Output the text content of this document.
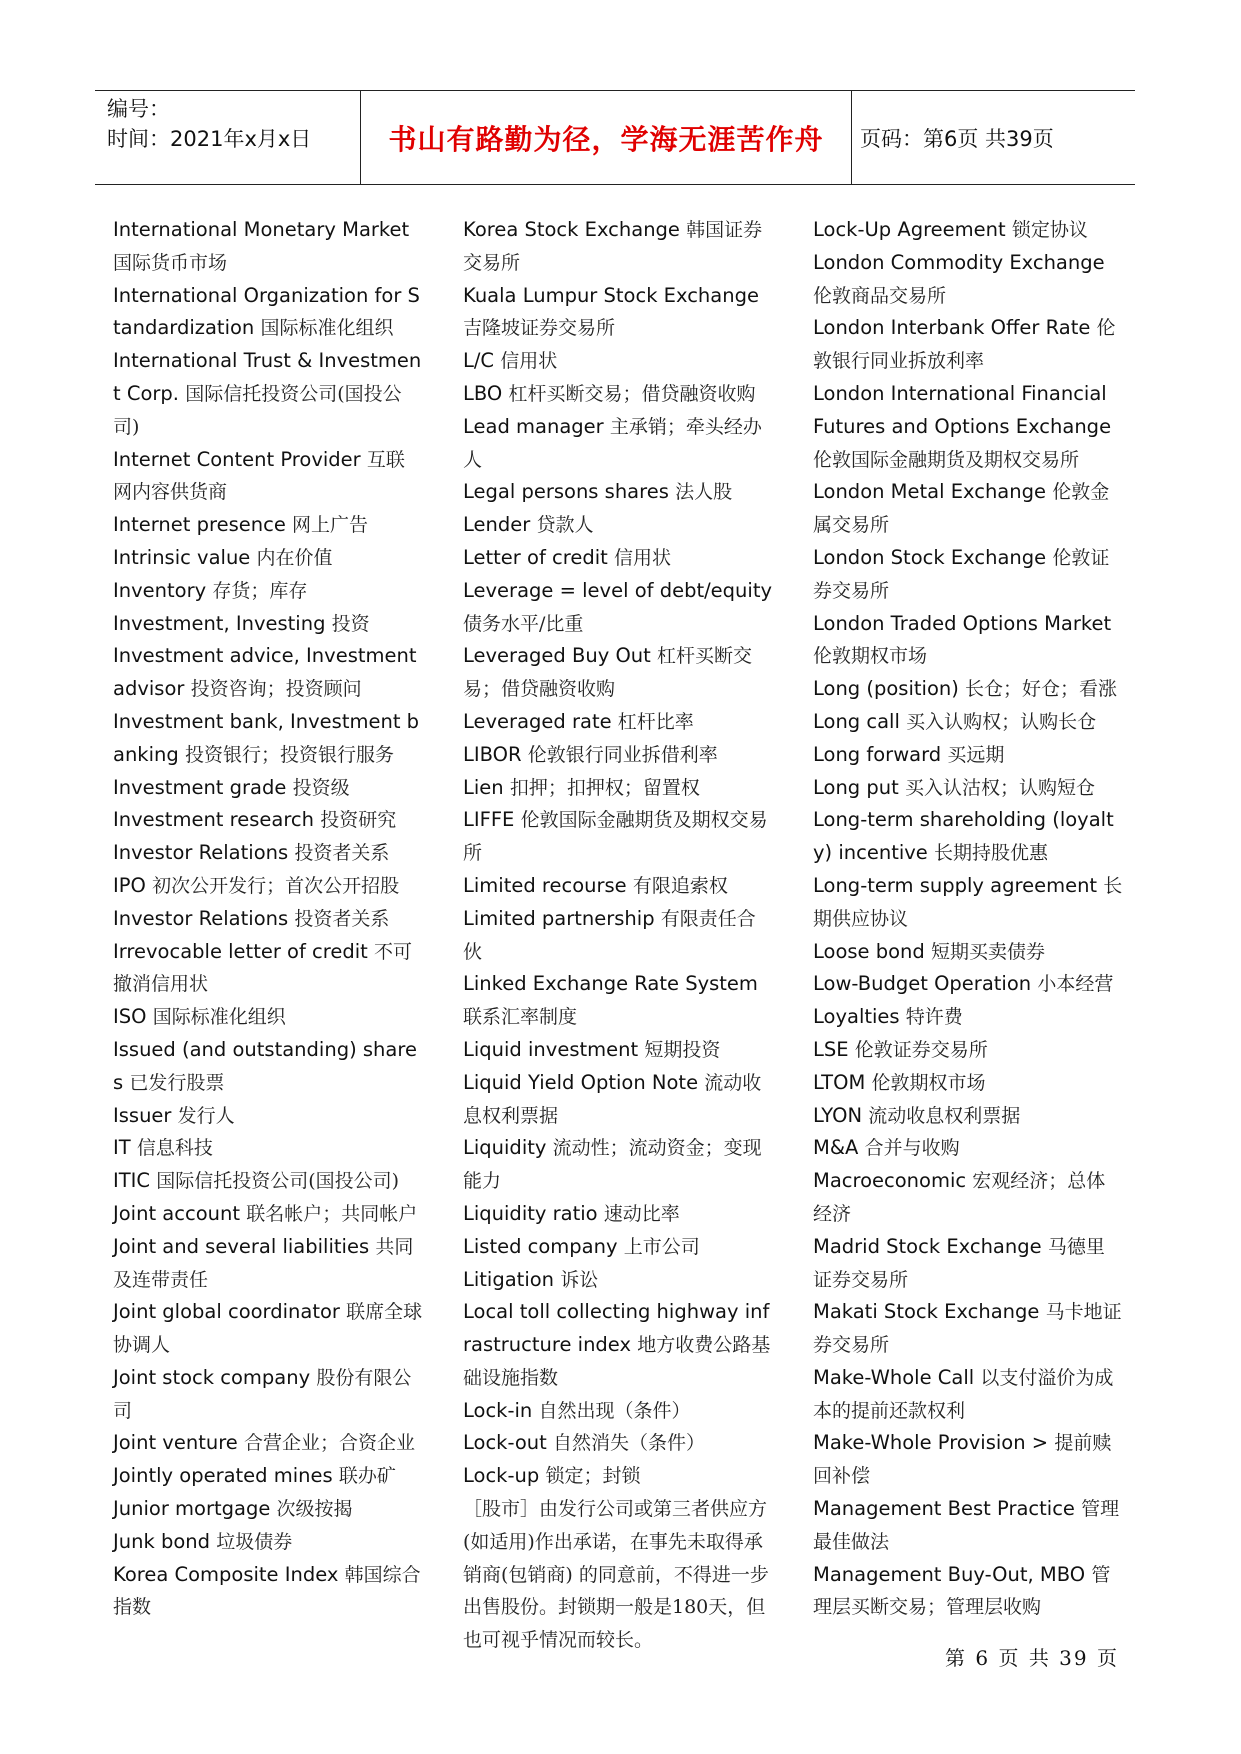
编号：
时间：2021年x月x日	书山有路勤为径，学海无涯苦作舟 页码：第6页 共39页
International Monetary Market 国际货币市场
International Organization for Standardization 国际标准化组织
International Trust & Investment Corp. 国际信托投资公司(国投公司)
Internet Content Provider 互联网内容供货商
Internet presence 网上广告
Intrinsic value 内在价值
Inventory 存货；库存
Investment, Investing 投资
Investment advice, Investment advisor 投资咨询；投资顾问
Investment bank, Investment banking 投资银行；投资银行服务
Investment grade 投资级
Investment research 投资研究
Investor Relations 投资者关系
IPO 初次公开发行；首次公开招股
Investor Relations 投资者关系
Irrevocable letter of credit 不可撤消信用状
ISO 国际标准化组织
Issued (and outstanding) shares 已发行股票
Issuer 发行人
IT 信息科技
ITIC 国际信托投资公司(国投公司)
Joint account 联名帐户；共同帐户
Joint and several liabilities 共同及连带责任
Joint global coordinator 联席全球协调人
Joint stock company 股份有限公司
Joint venture 合营企业；合资企业
Jointly operated mines 联办矿
Junior mortgage 次级按揭
Junk bond 垃圾债券
Korea Composite Index 韩国综合指数
Korea Stock Exchange 韩国证券交易所
Kuala Lumpur Stock Exchange 吉隆坡证券交易所
L/C 信用状
LBO 杠杆买断交易；借贷融资收购
Lead manager 主承销；牵头经办人
Legal persons shares 法人股
Lender 贷款人
Letter of credit 信用状
Leverage = level of debt/equity 债务水平/比重
Leveraged Buy Out 杠杆买断交易；借贷融资收购
Leveraged rate 杠杆比率
LIBOR 伦敦银行同业拆借利率
Lien 扣押；扣押权；留置权
LIFFE 伦敦国际金融期货及期权交易所
Limited recourse 有限追索权
Limited partnership 有限责任合伙
Linked Exchange Rate System 联系汇率制度
Liquid investment 短期投资
Liquid Yield Option Note 流动收息权利票据
Liquidity 流动性；流动资金；变现能力
Liquidity ratio 速动比率
Listed company 上市公司
Litigation 诉讼
Local toll collecting highway infrastructure index 地方收费公路基础设施指数
Lock-in 自然出现（条件）
Lock-out 自然消失（条件）
Lock-up 锁定；封锁
［股市］由发行公司或第三者供应方(如适用)作出承诺，在事先未取得承销商(包销商) 的同意前，不得进一步出售股份。封锁期一般是180天，但也可视乎情况而较长。
Lock-Up Agreement 锁定协议
London Commodity Exchange 伦敦商品交易所
London Interbank Offer Rate 伦敦银行同业拆放利率
London International Financial Futures and Options Exchange 伦敦国际金融期货及期权交易所
London Metal Exchange 伦敦金属交易所
London Stock Exchange 伦敦证券交易所
London Traded Options Market 伦敦期权市场
Long (position) 长仓；好仓；看涨
Long call 买入认购权；认购长仓
Long forward 买远期
Long put 买入认沽权；认购短仓
Long-term shareholding (loyalty) incentive 长期持股优惠
Long-term supply agreement 长期供应协议
Loose bond 短期买卖债券
Low-Budget Operation 小本经营
Loyalties 特许费
LSE 伦敦证券交易所
LTOM 伦敦期权市场
LYON 流动收息权利票据
M&A 合并与收购
Macroeconomic 宏观经济；总体经济
Madrid Stock Exchange 马德里证券交易所
Makati Stock Exchange 马卡地证券交易所
Make-Whole Call 以支付溢价为成本的提前还款权利
Make-Whole Provision > 提前赎回补偿
Management Best Practice 管理最佳做法
Management Buy-Out, MBO 管理层买断交易；管理层收购
第 6 页 共 39 页
